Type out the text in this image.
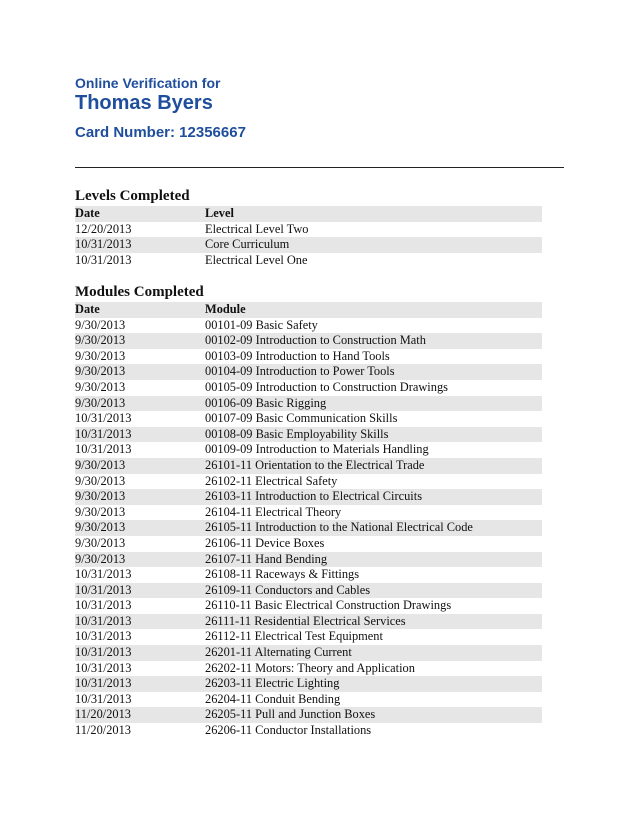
Online Verification for
Thomas Byers
Card Number: 12356667
Levels Completed
Date	Level
12/20/2013	Electrical Level Two
10/31/2013	Core Curriculum
10/31/2013	Electrical Level One
Modules Completed
Date	Module
9/30/2013	00101-09 Basic Safety
9/30/2013	00102-09 Introduction to Construction Math
9/30/2013	00103-09 Introduction to Hand Tools
9/30/2013	00104-09 Introduction to Power Tools
9/30/2013	00105-09 Introduction to Construction Drawings
9/30/2013	00106-09 Basic Rigging
10/31/2013	00107-09 Basic Communication Skills
10/31/2013	00108-09 Basic Employability Skills
10/31/2013	00109-09 Introduction to Materials Handling
9/30/2013	26101-11 Orientation to the Electrical Trade
9/30/2013	26102-11 Electrical Safety
9/30/2013	26103-11 Introduction to Electrical Circuits
9/30/2013	26104-11 Electrical Theory
9/30/2013	26105-11 Introduction to the National Electrical Code
9/30/2013	26106-11 Device Boxes
9/30/2013	26107-11 Hand Bending
10/31/2013	26108-11 Raceways & Fittings
10/31/2013	26109-11 Conductors and Cables
10/31/2013	26110-11 Basic Electrical Construction Drawings
10/31/2013	26111-11 Residential Electrical Services
10/31/2013	26112-11 Electrical Test Equipment
10/31/2013	26201-11 Alternating Current
10/31/2013	26202-11 Motors: Theory and Application
10/31/2013	26203-11 Electric Lighting
10/31/2013	26204-11 Conduit Bending
11/20/2013	26205-11 Pull and Junction Boxes
11/20/2013	26206-11 Conductor Installations
